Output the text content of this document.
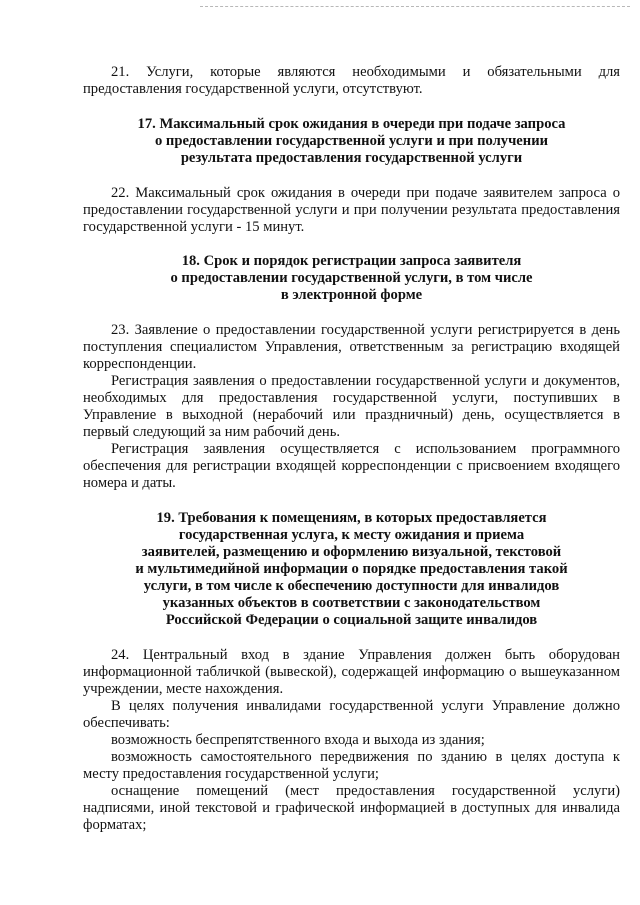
21. Услуги, которые являются необходимыми и обязательными для предоставления государственной услуги, отсутствуют.

17. Максимальный срок ожидания в очереди при подаче запроса
о предоставлении государственной услуги и при получении
результата предоставления государственной услуги

22. Максимальный срок ожидания в очереди при подаче заявителем запроса о предоставлении государственной услуги и при получении результата предоставления государственной услуги - 15 минут.

18. Срок и порядок регистрации запроса заявителя
о предоставлении государственной услуги, в том числе
в электронной форме

23. Заявление о предоставлении государственной услуги регистрируется в день поступления специалистом Управления, ответственным за регистрацию входящей корреспонденции.

Регистрация заявления о предоставлении государственной услуги и документов, необходимых для предоставления государственной услуги, поступивших в Управление в выходной (нерабочий или праздничный) день, осуществляется в первый следующий за ним рабочий день.

Регистрация заявления осуществляется с использованием программного обеспечения для регистрации входящей корреспонденции с присвоением входящего номера и даты.

19. Требования к помещениям, в которых предоставляется
государственная услуга, к месту ожидания и приема
заявителей, размещению и оформлению визуальной, текстовой
и мультимедийной информации о порядке предоставления такой
услуги, в том числе к обеспечению доступности для инвалидов
указанных объектов в соответствии с законодательством
Российской Федерации о социальной защите инвалидов

24. Центральный вход в здание Управления должен быть оборудован информационной табличкой (вывеской), содержащей информацию о вышеуказанном учреждении, месте нахождения.

В целях получения инвалидами государственной услуги Управление должно обеспечивать:

возможность беспрепятственного входа и выхода из здания;

возможность самостоятельного передвижения по зданию в целях доступа к месту предоставления государственной услуги;

оснащение помещений (мест предоставления государственной услуги) надписями, иной текстовой и графической информацией в доступных для инвалида форматах;
